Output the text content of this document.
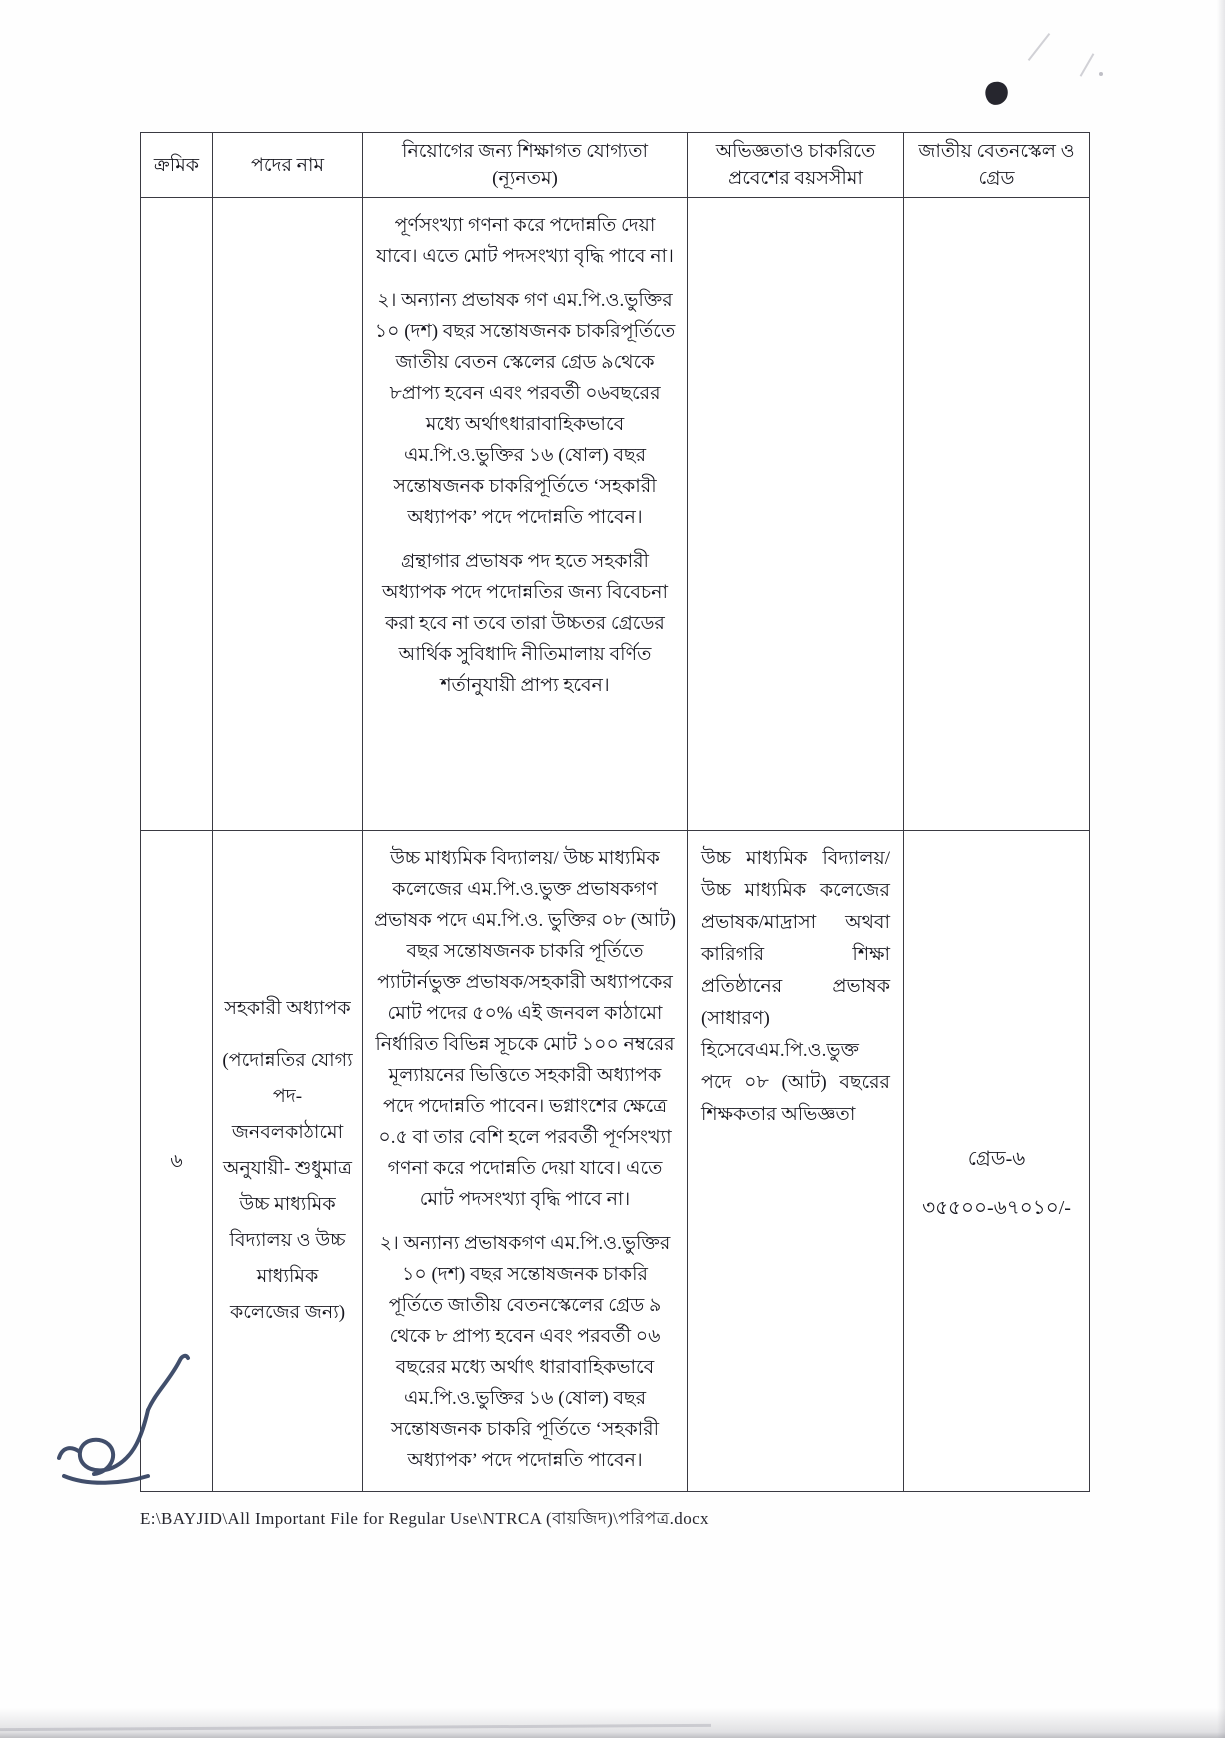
ক্রমিক	পদের নাম
নিয়োগের জন্য শিক্ষাগত যোগ্যতা (ন্যূনতম)
অভিজ্ঞতাও চাকরিতে প্রবেশের বয়সসীমা
জাতীয় বেতনস্কেল ও গ্রেড

পূর্ণসংখ্যা গণনা করে পদোন্নতি দেয়া যাবে। এতে মোট পদসংখ্যা বৃদ্ধি পাবে না।

২। অন্যান্য প্রভাষক গণ এম.পি.ও.ভুক্তির ১০ (দশ) বছর সন্তোষজনক চাকরিপূর্তিতে জাতীয় বেতন স্কেলের গ্রেড ৯থেকে ৮প্রাপ্য হবেন এবং পরবর্তী ০৬বছরের মধ্যে অর্থাৎধারাবাহিকভাবে এম.পি.ও.ভুক্তির ১৬ (ষোল) বছর সন্তোষজনক চাকরিপূর্তিতে ‘সহকারী অধ্যাপক’ পদে পদোন্নতি পাবেন।

গ্রন্থাগার প্রভাষক পদ হতে সহকারী অধ্যাপক পদে পদোন্নতির জন্য বিবেচনা করা হবে না তবে তারা উচ্চতর গ্রেডের আর্থিক সুবিধাদি নীতিমালায় বর্ণিত শর্তানুযায়ী প্রাপ্য হবেন।

৬

সহকারী অধ্যাপক

(পদোন্নতির যোগ্য পদ- জনবলকাঠামো অনুযায়ী- শুধুমাত্র উচ্চ মাধ্যমিক বিদ্যালয় ও উচ্চ মাধ্যমিক কলেজের জন্য)

উচ্চ মাধ্যমিক বিদ্যালয়/ উচ্চ মাধ্যমিক কলেজের এম.পি.ও.ভুক্ত প্রভাষকগণ প্রভাষক পদে এম.পি.ও. ভুক্তির ০৮ (আট) বছর সন্তোষজনক চাকরি পূর্তিতে প্যাটার্নভুক্ত প্রভাষক/সহকারী অধ্যাপকের মোট পদের ৫০% এই জনবল কাঠামো নির্ধারিত বিভিন্ন সূচকে মোট ১০০ নম্বরের মূল্যায়নের ভিত্তিতে সহকারী অধ্যাপক পদে পদোন্নতি পাবেন। ভগ্নাংশের ক্ষেত্রে ০.৫ বা তার বেশি হলে পরবর্তী পূর্ণসংখ্যা গণনা করে পদোন্নতি দেয়া যাবে। এতে মোট পদসংখ্যা বৃদ্ধি পাবে না।

২। অন্যান্য প্রভাষকগণ এম.পি.ও.ভুক্তির ১০ (দশ) বছর সন্তোষজনক চাকরি পূর্তিতে জাতীয় বেতনস্কেলের গ্রেড ৯ থেকে ৮ প্রাপ্য হবেন এবং পরবর্তী ০৬ বছরের মধ্যে অর্থাৎ ধারাবাহিকভাবে এম.পি.ও.ভুক্তির ১৬ (ষোল) বছর সন্তোষজনক চাকরি পূর্তিতে ‘সহকারী অধ্যাপক’ পদে পদোন্নতি পাবেন।

উচ্চ মাধ্যমিক বিদ্যালয়/উচ্চ মাধ্যমিক কলেজের প্রভাষক/মাদ্রাসা অথবা কারিগরি শিক্ষা প্রতিষ্ঠানের প্রভাষক (সাধারণ) হিসেবেএম.পি.ও.ভুক্ত পদে ০৮ (আট) বছরের শিক্ষকতার অভিজ্ঞতা

গ্রেড-৬

৩৫৫০০-৬৭০১০/-

E:\BAYJID\All Important File for Regular Use\NTRCA (বায়জিদ)\পরিপত্র.docx
